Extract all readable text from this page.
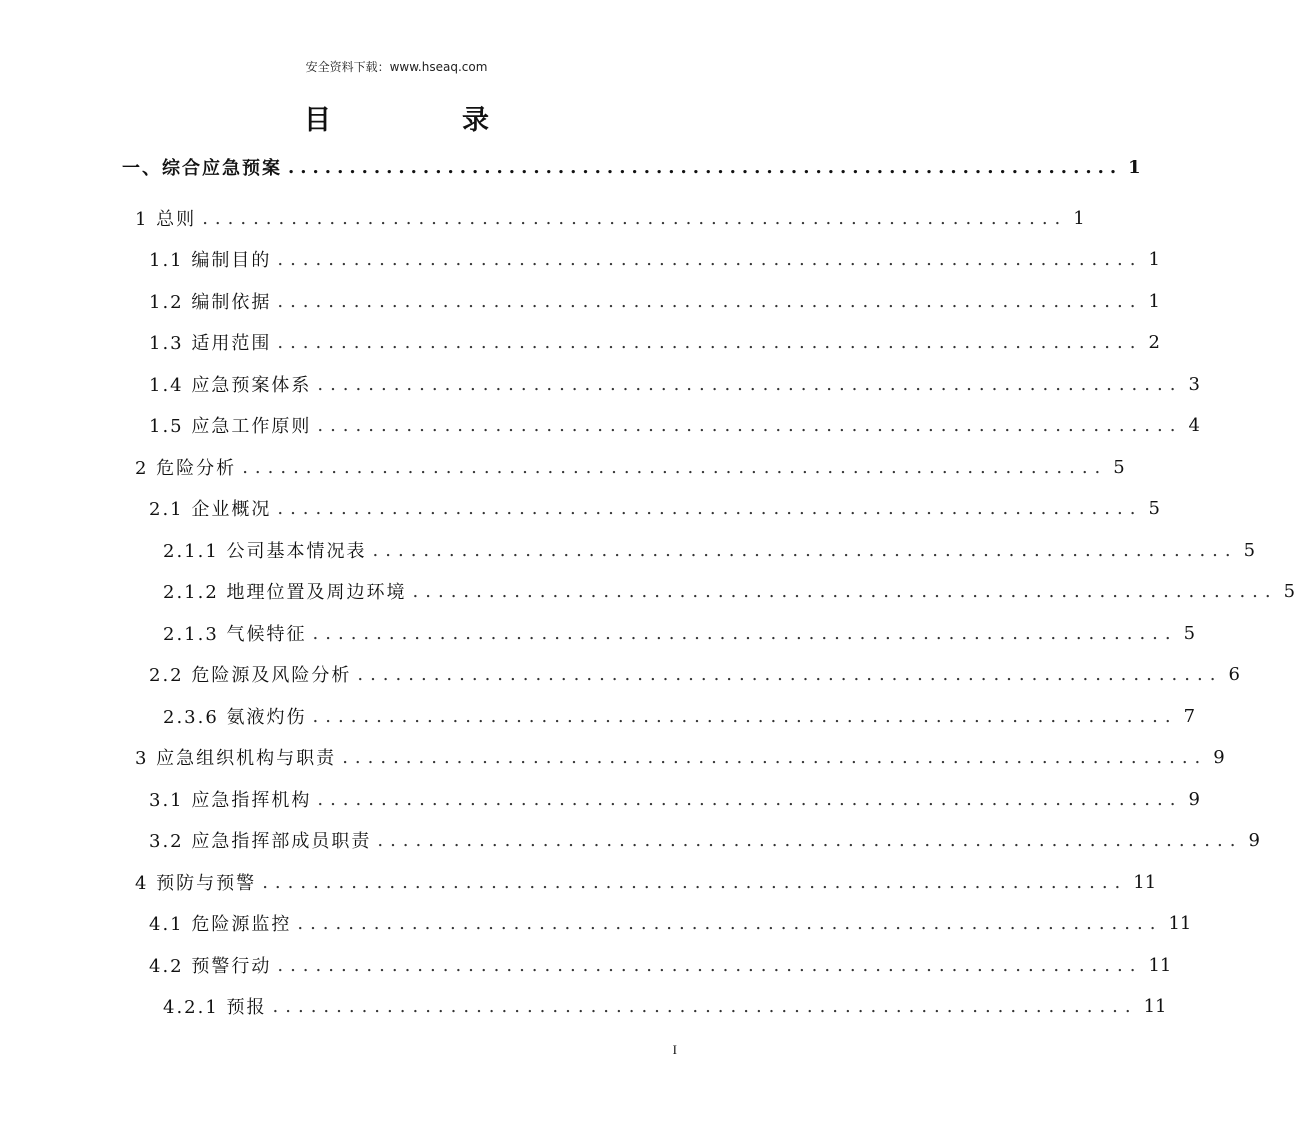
安全资料下载：www.hseaq.com
目　录
一、综合应急预案 .................................................................... 1
1 总则 .................................................................... 1
1.1 编制目的 .................................................................... 1
1.2 编制依据 .................................................................... 1
1.3 适用范围 .................................................................... 2
1.4 应急预案体系 .................................................................... 3
1.5 应急工作原则 .................................................................... 4
2 危险分析 .................................................................... 5
2.1 企业概况 .................................................................... 5
2.1.1 公司基本情况表 .................................................................... 5
2.1.2 地理位置及周边环境 .................................................................... 5
2.1.3 气候特征 .................................................................... 5
2.2 危险源及风险分析 .................................................................... 6
2.3.6 氨液灼伤 .................................................................... 7
3 应急组织机构与职责 .................................................................... 9
3.1 应急指挥机构 .................................................................... 9
3.2 应急指挥部成员职责 .................................................................... 9
4 预防与预警 .................................................................... 11
4.1 危险源监控 .................................................................... 11
4.2 预警行动 .................................................................... 11
4.2.1 预报 .................................................................... 11
I
